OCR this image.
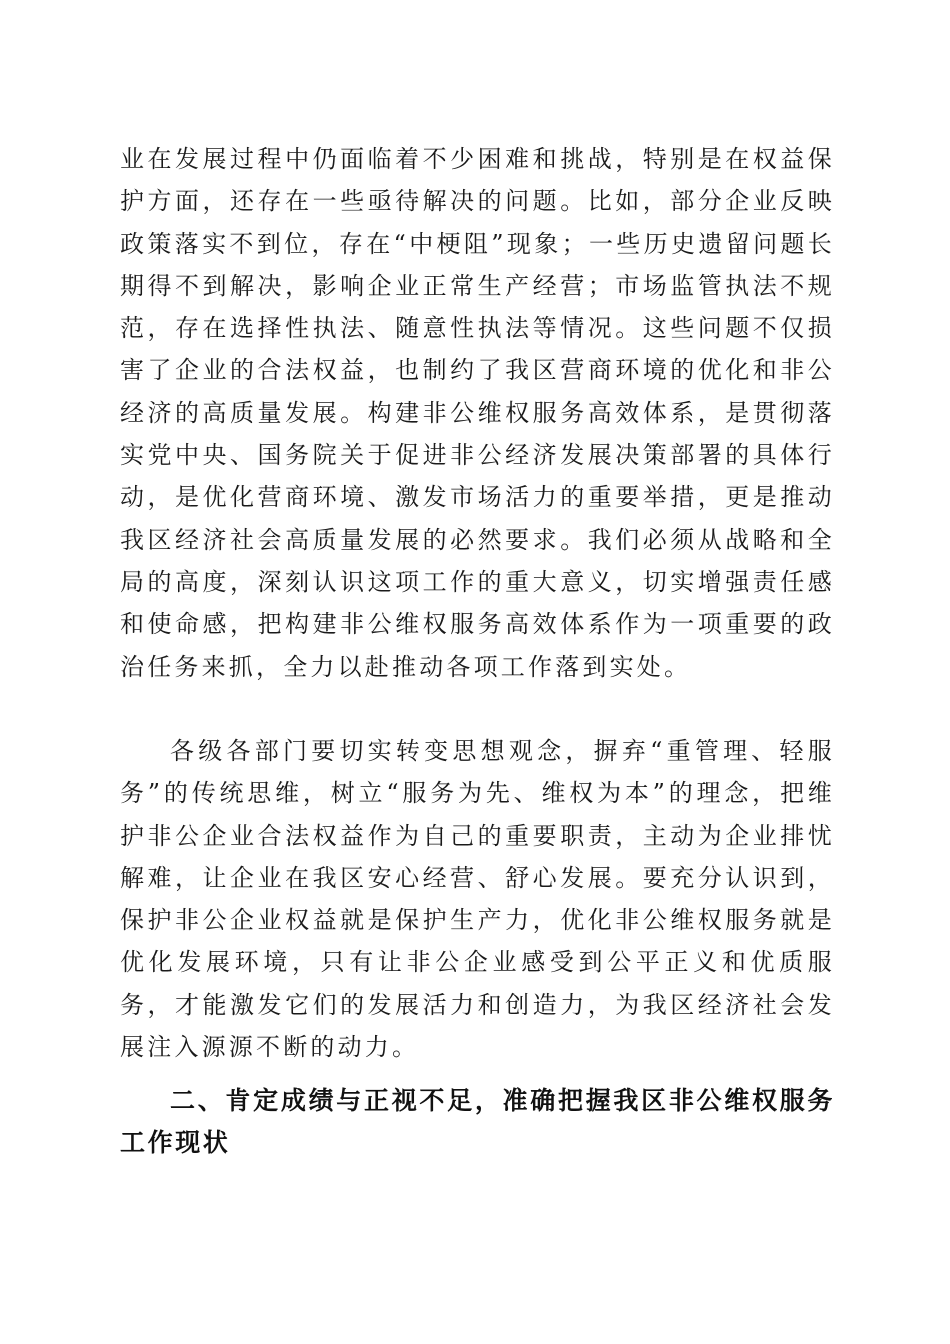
业在发展过程中仍面临着不少困难和挑战，特别是在权益保护方面，还存在一些亟待解决的问题。比如，部分企业反映政策落实不到位，存在“中梗阻”现象；一些历史遗留问题长期得不到解决，影响企业正常生产经营；市场监管执法不规范，存在选择性执法、随意性执法等情况。这些问题不仅损害了企业的合法权益，也制约了我区营商环境的优化和非公经济的高质量发展。构建非公维权服务高效体系，是贯彻落实党中央、国务院关于促进非公经济发展决策部署的具体行动，是优化营商环境、激发市场活力的重要举措，更是推动我区经济社会高质量发展的必然要求。我们必须从战略和全局的高度，深刻认识这项工作的重大意义，切实增强责任感和使命感，把构建非公维权服务高效体系作为一项重要的政治任务来抓，全力以赴推动各项工作落到实处。

各级各部门要切实转变思想观念，摒弃“重管理、轻服务”的传统思维，树立“服务为先、维权为本”的理念，把维护非公企业合法权益作为自己的重要职责，主动为企业排忧解难，让企业在我区安心经营、舒心发展。要充分认识到，保护非公企业权益就是保护生产力，优化非公维权服务就是优化发展环境，只有让非公企业感受到公平正义和优质服务，才能激发它们的发展活力和创造力，为我区经济社会发展注入源源不断的动力。

二、肯定成绩与正视不足，准确把握我区非公维权服务工作现状
